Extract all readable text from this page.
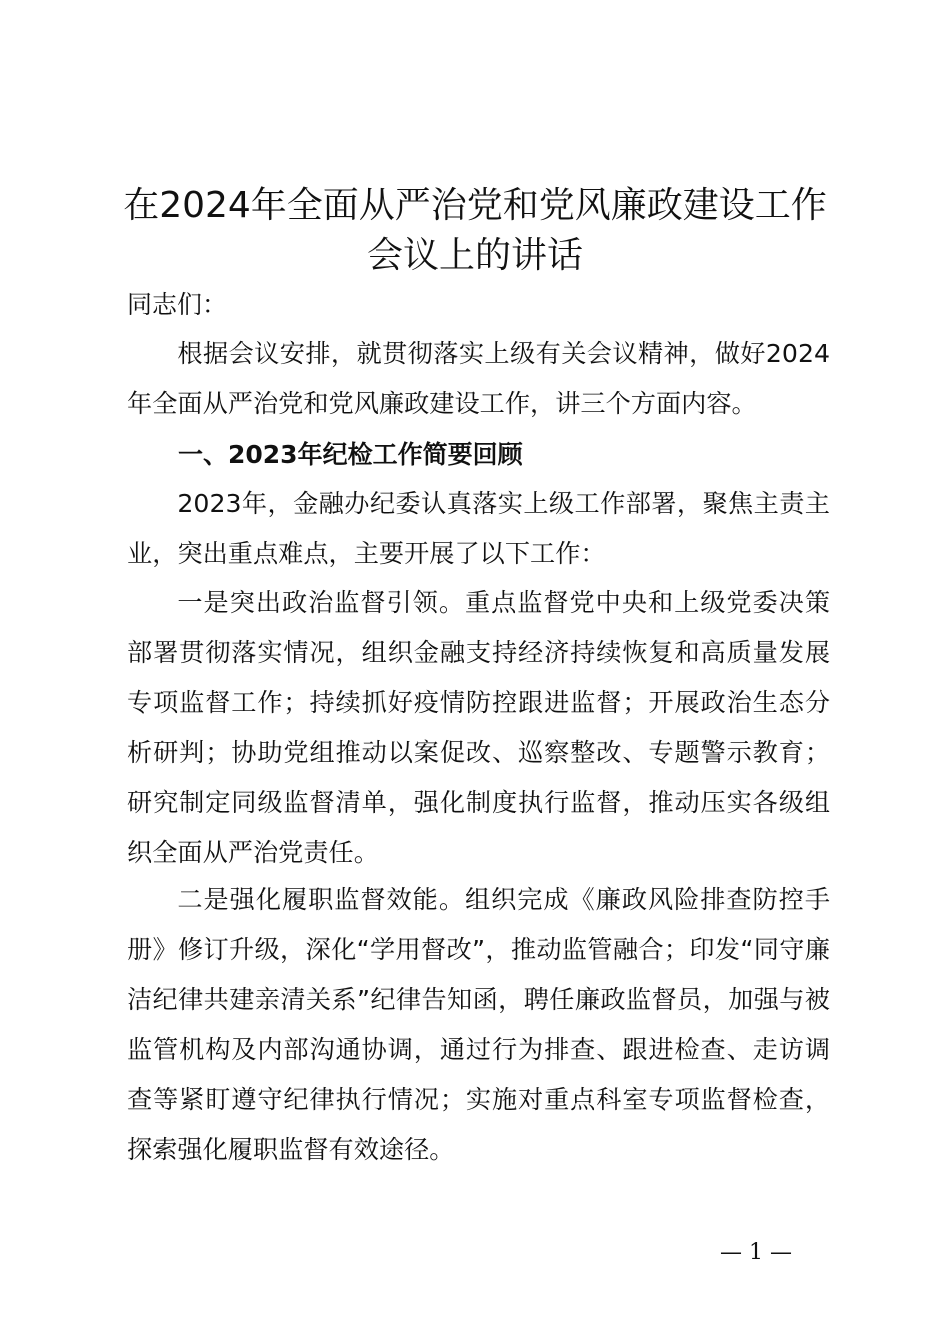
在2024年全面从严治党和党风廉政建设工作
会议上的讲话
同志们：

根据会议安排，就贯彻落实上级有关会议精神，做好2024年全面从严治党和党风廉政建设工作，讲三个方面内容。

一、2023年纪检工作简要回顾

2023年，金融办纪委认真落实上级工作部署，聚焦主责主业，突出重点难点，主要开展了以下工作：

一是突出政治监督引领。重点监督党中央和上级党委决策部署贯彻落实情况，组织金融支持经济持续恢复和高质量发展专项监督工作；持续抓好疫情防控跟进监督；开展政治生态分析研判；协助党组推动以案促改、巡察整改、专题警示教育；研究制定同级监督清单，强化制度执行监督，推动压实各级组织全面从严治党责任。

二是强化履职监督效能。组织完成《廉政风险排查防控手册》修订升级，深化“学用督改”，推动监管融合；印发“同守廉洁纪律共建亲清关系”纪律告知函，聘任廉政监督员，加强与被监管机构及内部沟通协调，通过行为排查、跟进检查、走访调查等紧盯遵守纪律执行情况；实施对重点科室专项监督检查，探索强化履职监督有效途径。

— 1 —
